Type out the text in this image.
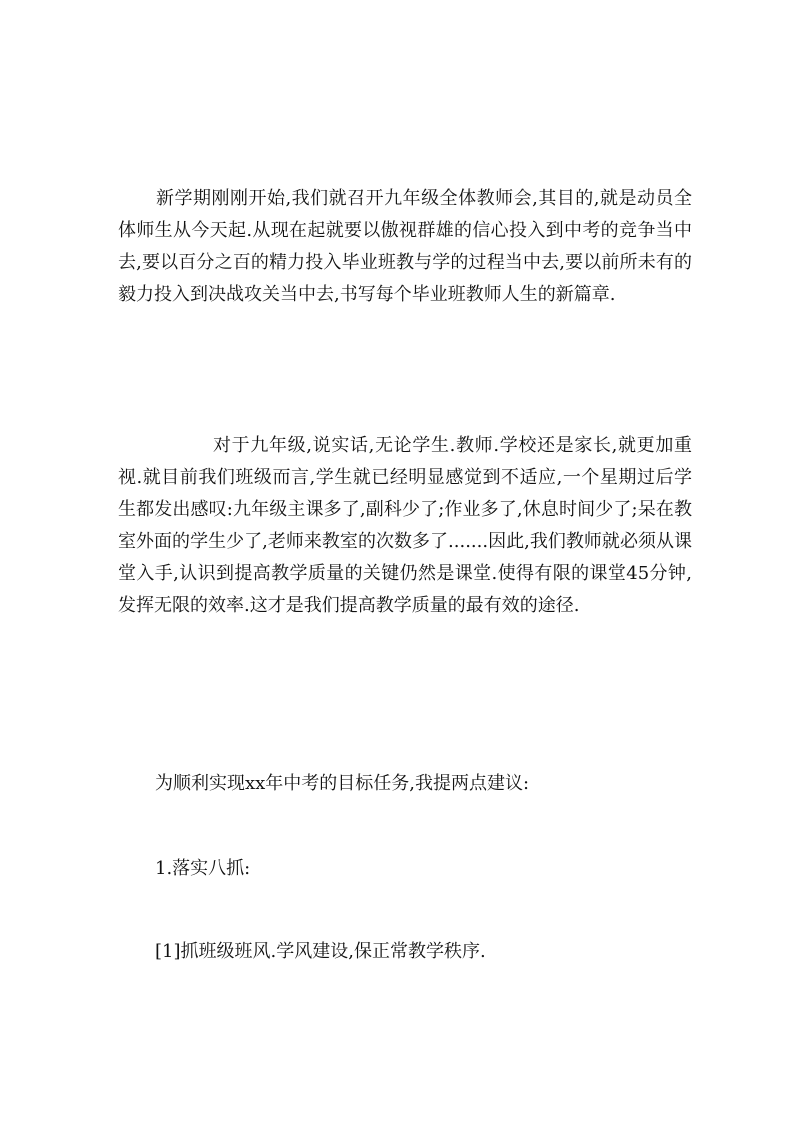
新学期刚刚开始,我们就召开九年级全体教师会,其目的,就是动员全体师生从今天起.从现在起就要以傲视群雄的信心投入到中考的竞争当中去,要以百分之百的精力投入毕业班教与学的过程当中去,要以前所未有的毅力投入到决战攻关当中去,书写每个毕业班教师人生的新篇章.

对于九年级,说实话,无论学生.教师.学校还是家长,就更加重视.就目前我们班级而言,学生就已经明显感觉到不适应,一个星期过后学生都发出感叹:九年级主课多了,副科少了;作业多了,休息时间少了;呆在教室外面的学生少了,老师来教室的次数多了.......因此,我们教师就必须从课堂入手,认识到提高教学质量的关键仍然是课堂.使得有限的课堂45分钟,发挥无限的效率.这才是我们提高教学质量的最有效的途径.

为顺利实现xx年中考的目标任务,我提两点建议:

1.落实八抓:

[1]抓班级班风.学风建设,保正常教学秩序.
